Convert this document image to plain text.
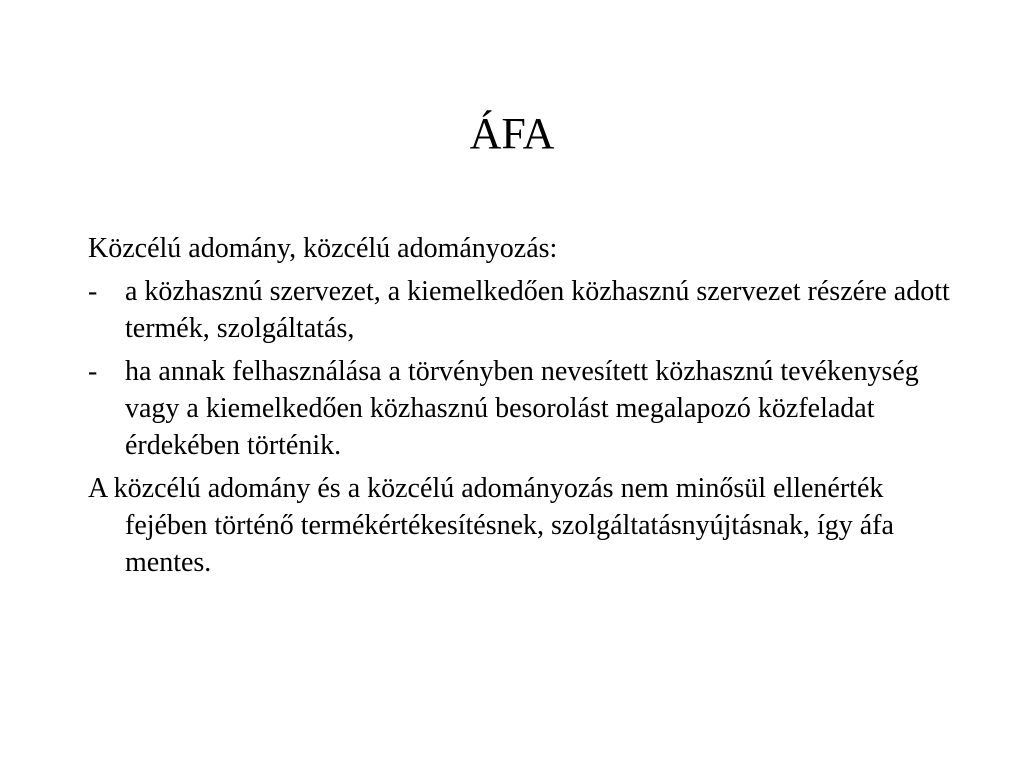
ÁFA

Közcélú adomány, közcélú adományozás:

- a közhasznú szervezet, a kiemelkedően közhasznú szervezet részére adott termék, szolgáltatás,
- ha annak felhasználása a törvényben nevesített közhasznú tevékenység vagy a kiemelkedően közhasznú besorolást megalapozó közfeladat érdekében történik.

A közcélú adomány és a közcélú adományozás nem minősül ellenérték fejében történő termékértékesítésnek, szolgáltatásnyújtásnak, így áfa mentes.
